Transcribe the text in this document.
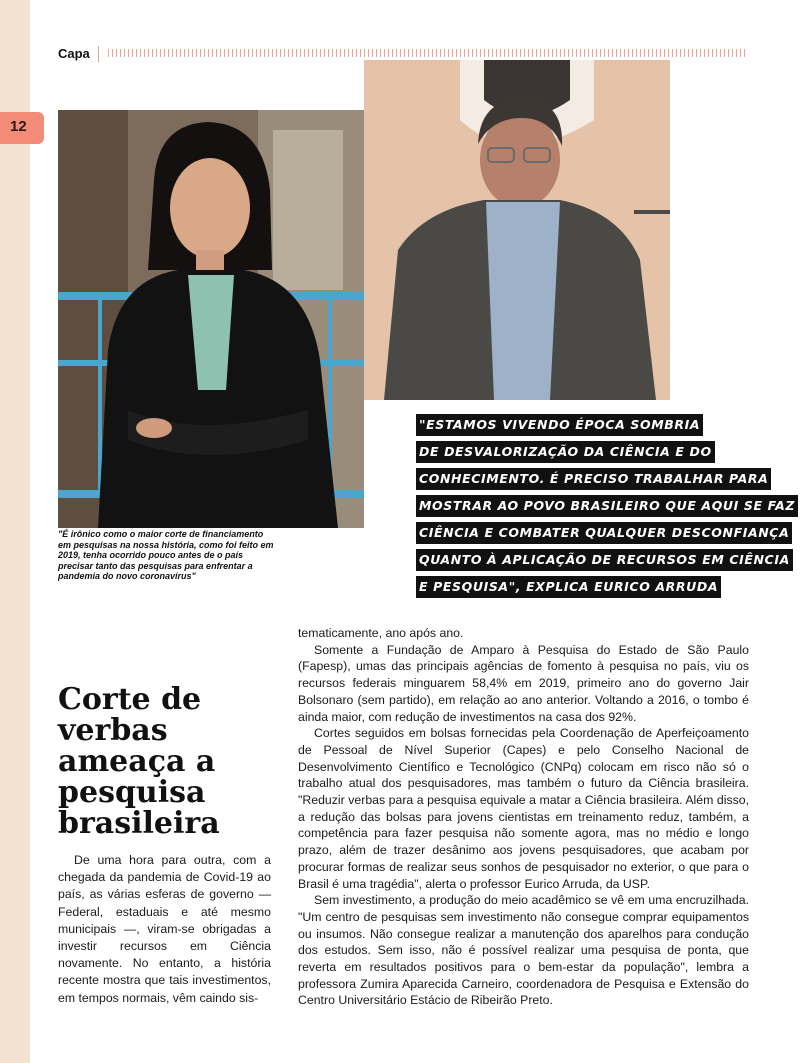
12
Capa
"É irônico como o maior corte de financiamento em pesquisas na nossa história, como foi feito em 2019, tenha ocorrido pouco antes de o país precisar tanto das pesquisas para enfrentar a pandemia do novo coronavírus"
"ESTAMOS VIVENDO ÉPOCA SOMBRIA
DE DESVALORIZAÇÃO DA CIÊNCIA E DO
CONHECIMENTO. É PRECISO TRABALHAR PARA
MOSTRAR AO POVO BRASILEIRO QUE AQUI SE FAZ
CIÊNCIA E COMBATER QUALQUER DESCONFIANÇA
QUANTO À APLICAÇÃO DE RECURSOS EM CIÊNCIA
E PESQUISA", EXPLICA EURICO ARRUDA
Corte de verbas ameaça a pesquisa brasileira

De uma hora para outra, com a chegada da pandemia de Covid-19 ao país, as várias esferas de governo — Federal, estaduais e até mesmo municipais —, viram-se obrigadas a investir recursos em Ciência novamente. No entanto, a história recente mostra que tais investimentos, em tempos normais, vêm caindo sis-

tematicamente, ano após ano.

Somente a Fundação de Amparo à Pesquisa do Estado de São Paulo (Fapesp), umas das principais agências de fomento à pesquisa no país, viu os recursos federais minguarem 58,4% em 2019, primeiro ano do governo Jair Bolsonaro (sem partido), em relação ao ano anterior. Voltando a 2016, o tombo é ainda maior, com redução de investimentos na casa dos 92%.

Cortes seguidos em bolsas fornecidas pela Coordenação de Aperfeiçoamento de Pessoal de Nível Superior (Capes) e pelo Conselho Nacional de Desenvolvimento Científico e Tecnológico (CNPq) colocam em risco não só o trabalho atual dos pesquisadores, mas também o futuro da Ciência brasileira. "Reduzir verbas para a pesquisa equivale a matar a Ciência brasileira. Além disso, a redução das bolsas para jovens cientistas em treinamento reduz, também, a competência para fazer pesquisa não somente agora, mas no médio e longo prazo, além de trazer desânimo aos jovens pesquisadores, que acabam por procurar formas de realizar seus sonhos de pesquisador no exterior, o que para o Brasil é uma tragédia", alerta o professor Eurico Arruda, da USP.

Sem investimento, a produção do meio acadêmico se vê em uma encruzilhada. "Um centro de pesquisas sem investimento não consegue comprar equipamentos ou insumos. Não consegue realizar a manutenção dos aparelhos para condução dos estudos. Sem isso, não é possível realizar uma pesquisa de ponta, que reverta em resultados positivos para o bem-estar da população", lembra a professora Zumira Aparecida Carneiro, coordenadora de Pesquisa e Extensão do Centro Universitário Estácio de Ribeirão Preto.
